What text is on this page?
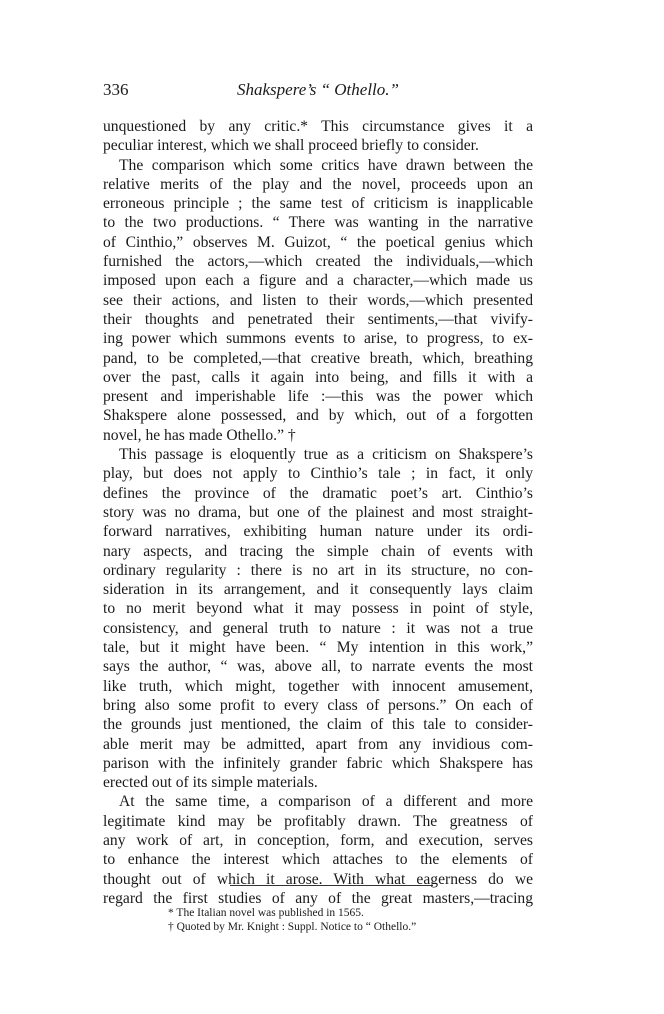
336	Shakspere’s “ Othello.”
unquestioned by any critic.* This circumstance gives it a
peculiar interest, which we shall proceed briefly to consider.
The comparison which some critics have drawn between the
relative merits of the play and the novel, proceeds upon an
erroneous principle ; the same test of criticism is inapplicable
to the two productions. “ There was wanting in the narrative
of Cinthio,” observes M. Guizot, “ the poetical genius which
furnished the actors,—which created the individuals,—which
imposed upon each a figure and a character,—which made us
see their actions, and listen to their words,—which presented
their thoughts and penetrated their sentiments,—that vivify-
ing power which summons events to arise, to progress, to ex-
pand, to be completed,—that creative breath, which, breathing
over the past, calls it again into being, and fills it with a
present and imperishable life :—this was the power which
Shakspere alone possessed, and by which, out of a forgotten
novel, he has made Othello.” †
This passage is eloquently true as a criticism on Shakspere’s
play, but does not apply to Cinthio’s tale ; in fact, it only
defines the province of the dramatic poet’s art. Cinthio’s
story was no drama, but one of the plainest and most straight-
forward narratives, exhibiting human nature under its ordi-
nary aspects, and tracing the simple chain of events with
ordinary regularity : there is no art in its structure, no con-
sideration in its arrangement, and it consequently lays claim
to no merit beyond what it may possess in point of style,
consistency, and general truth to nature : it was not a true
tale, but it might have been. “ My intention in this work,”
says the author, “ was, above all, to narrate events the most
like truth, which might, together with innocent amusement,
bring also some profit to every class of persons.” On each of
the grounds just mentioned, the claim of this tale to consider-
able merit may be admitted, apart from any invidious com-
parison with the infinitely grander fabric which Shakspere has
erected out of its simple materials.
At the same time, a comparison of a different and more
legitimate kind may be profitably drawn. The greatness of
any work of art, in conception, form, and execution, serves
to enhance the interest which attaches to the elements of
thought out of which it arose. With what eagerness do we
regard the first studies of any of the great masters,—tracing
* The Italian novel was published in 1565.
† Quoted by Mr. Knight : Suppl. Notice to “ Othello.”
